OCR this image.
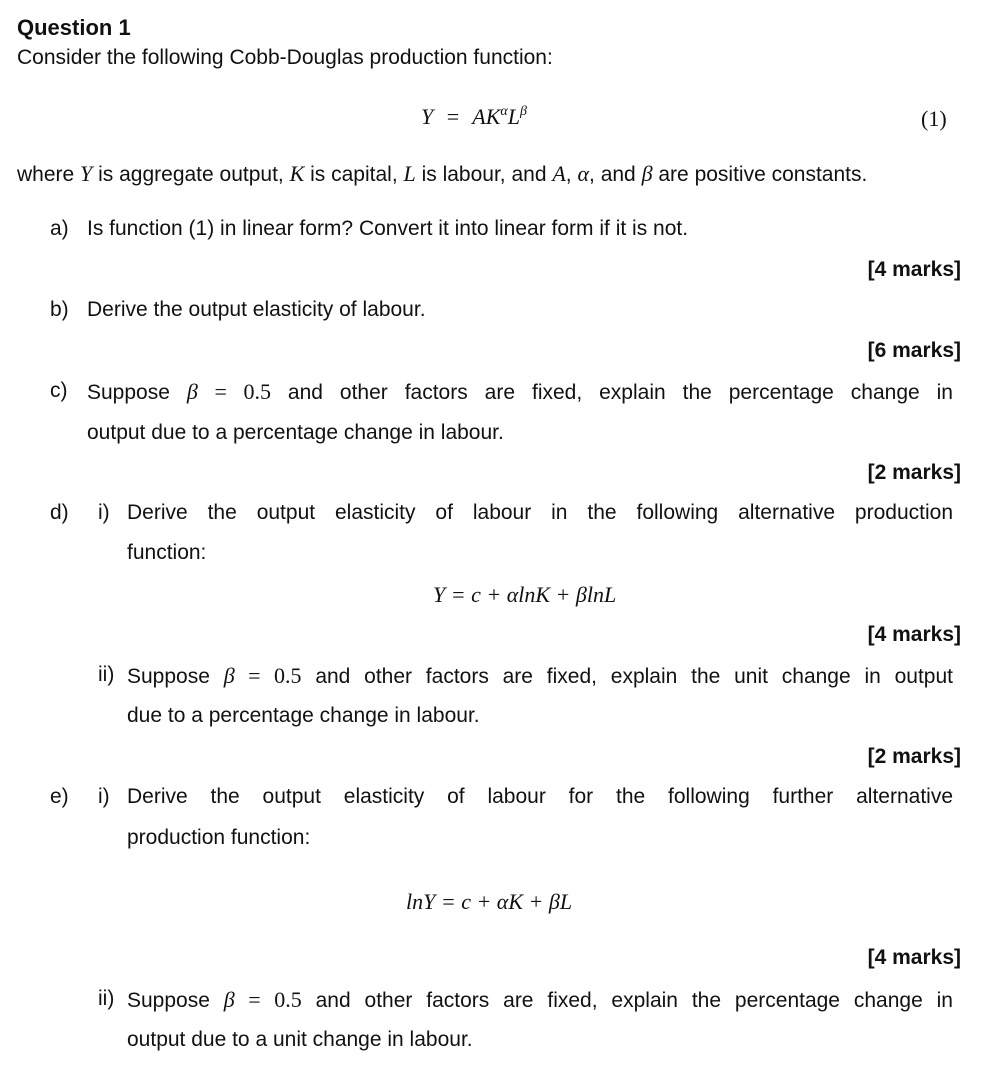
Question 1
Consider the following Cobb-Douglas production function:
$Y = AK^\alpha L^\beta$	(1)
where Y is aggregate output, K is capital, L is labour, and A, α, and β are positive constants.
a) Is function (1) in linear form? Convert it into linear form if it is not.
[4 marks]
b) Derive the output elasticity of labour.
[6 marks]
c) Suppose β = 0.5 and other factors are fixed, explain the percentage change in
output due to a percentage change in labour.
[2 marks]
d) i) Derive the output elasticity of labour in the following alternative production
function:
Y = c + αlnK + βlnL
[4 marks]
ii) Suppose β = 0.5 and other factors are fixed, explain the unit change in output
due to a percentage change in labour.
[2 marks]
e) i) Derive the output elasticity of labour for the following further alternative
production function:
lnY = c + αK + βL
[4 marks]
ii) Suppose β = 0.5 and other factors are fixed, explain the percentage change in
output due to a unit change in labour.
